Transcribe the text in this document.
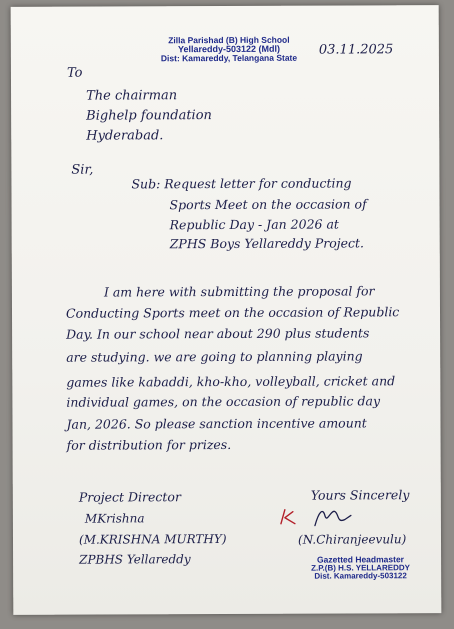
Zilla Parishad (B) High School
Yellareddy-503122 (Mdl)
Dist: Kamareddy, Telangana State
03.11.2025
To
The chairman
Bighelp foundation
Hyderabad.
Sir,
Sub: Request letter for conducting
Sports Meet on the occasion of
Republic Day - Jan 2026 at
ZPHS Boys Yellareddy Project.
I am here with submitting the proposal for
Conducting Sports meet on the occasion of Republic
Day. In our school near about 290 plus students
are studying. we are going to planning playing
games like kabaddi, kho-kho, volleyball, cricket and
individual games, on the occasion of republic day
Jan, 2026. So please sanction incentive amount
for distribution for prizes.
Project Director
MKrishna
(M.KRISHNA MURTHY)
ZPBHS Yellareddy
Yours Sincerely
(N.Chiranjeevulu)
Gazetted Headmaster
Z.P.(B) H.S. YELLAREDDY
Dist. Kamareddy-503122
